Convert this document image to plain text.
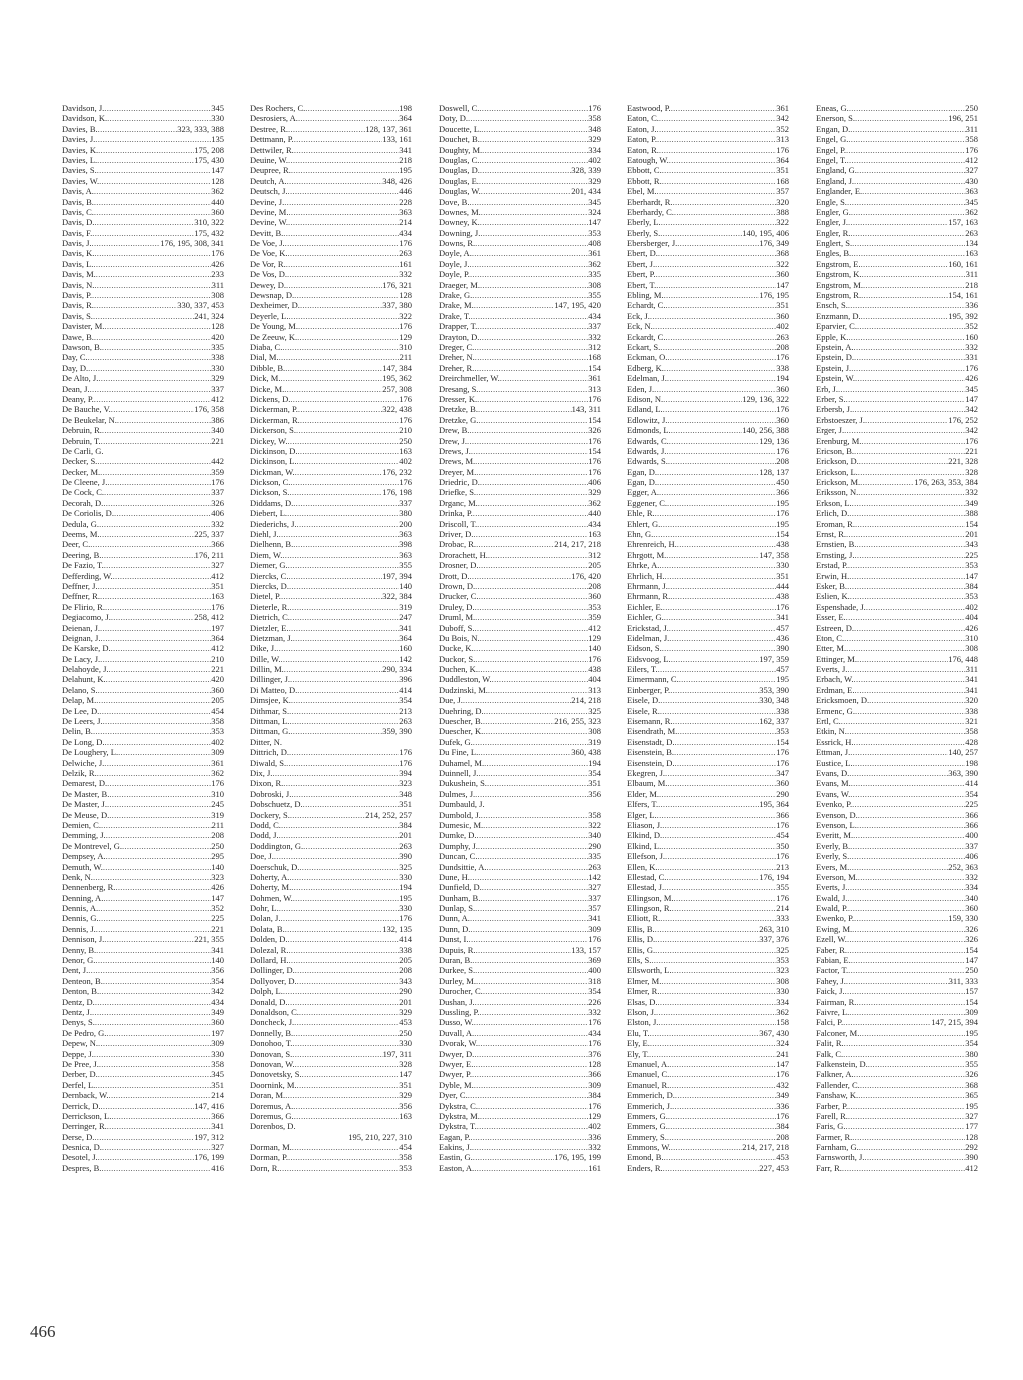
Davidson, J. .....	345
Davidson, K. .....	330
Davies, B. .....	323, 333, 388
Davies, J. .....	135
Davies, K. .....	175, 208
Davies, L. .....	175, 430
Davies, S. .....	147
Davies, W. .....	128
Davis, A. .....	362
Davis, B. .....	440
Davis, C. .....	360
Davis, D. .....	310, 322
Davis, F. .....	175, 432
Davis, J. .....	176, 195, 308, 341
Davis, K. .....	176
Davis, L. .....	426
Davis, M. .....	233
Davis, N. .....	311
Davis, P. .....	308
Davis, R. .....	330, 337, 453
Davis, S. .....	241, 324
Davister, M. .....	128
Dawe, B. .....	420
Dawson, B. .....	335
Day, C. .....	338
Day, D. .....	330
De Alto, J. .....	329
Dean, J. .....	337
Deany, P. .....	412
De Bauche, V. .....	176, 358
De Beukelar, N. .....	386
Debruin, R. .....	340
Debruin, T. .....	221
De Carli, G.
Decker, S. .....	442
Decker, M. .....	359
De Cleene, J. .....	176
De Cock, C. .....	337
Decorah, D. .....	326
De Coriolis, D. .....	406
Dedula, G. .....	332
Deems, M. .....	225, 337
Deer, C. .....	366
Deering, B. .....	176, 211
De Fazio, T. .....	327
Defferding, W. .....	412
Deffner, J. .....	351
Deffner, R. .....	163
De Flirio, R. .....	176
Degiacomo, J. .....	258, 412
Deienan, J. .....	197
Deignan, J. .....	364
De Karske, D. .....	412
De Lacy, J. .....	210
Delahoyde, J. .....	221
Delahunt, K. .....	420
Delano, S. .....	360
Delap, M. .....	205
De Lee, D. .....	454
De Leers, J. .....	358
Delin, B. .....	353
De Long, D. .....	402
De Loughery, L. .....	309
Delwiche, J. .....	361
Delzik, R. .....	362
Demarest, D. .....	176
De Master, B. .....	310
De Master, J. .....	245
De Meuse, D. .....	319
Demien, C. .....	211
Demming, J. .....	208
De Montrevel, G. .....	250
Dempsey, A. .....	295
Demuth, W. .....	140
Denk, N. .....	323
Dennenberg, R. .....	426
Denning, A. .....	147
Dennis, A. .....	352
Dennis, G. .....	225
Dennis, J. .....	221
Dennison, J. .....	221, 355
Denny, B. .....	341
Denor, G. .....	140
Dent, J. .....	356
Denteon, B. .....	354
Denton, B. .....	342
Dentz, D. .....	434
Dentz, J. .....	349
Denys, S. .....	360
De Pedro, G. .....	197
Depew, N. .....	309
Deppe, J. .....	330
De Pree, J. .....	358
Derber, D. .....	345
Derfel, L. .....	351
Dernback, W. .....	214
Derrick, D. .....	147, 416
Derrickson, L. .....	366
Derringer, R. .....	341
Derse, D. .....	197, 312
Desnica, D. .....	327
Desotel, J. .....	176, 199
Despres, B. .....	416
Des Rochers, C. .....	198
Desrosiers, A. .....	364
Destree, R. .....	128, 137, 361
Dettmann, P. .....	133, 161
Dettwiler, R. .....	341
Deuine, W. .....	218
Deupree, R. .....	195
Deutch, A. .....	348, 426
Deutsch, J. .....	446
Devine, J. .....	228
Devine, M. .....	363
Devine, W. .....	214
Devitt, B. .....	434
De Voe, J. .....	176
De Voe, K. .....	263
De Vor, R. .....	161
De Vos, D. .....	332
Dewey, D. .....	176, 321
Dewsnap, D. .....	128
Dexheimer, D. .....	337, 380
Deyerle, L. .....	322
De Young, M. .....	176
De Zeeuw, K. .....	129
Diaba, C. .....	310
Dial, M. .....	211
Dibble, B. .....	147, 384
Dick, M. .....	195, 362
Dicke, M. .....	257, 308
Dickens, D. .....	176
Dickerman, P. .....	322, 438
Dickerman, R. .....	176
Dickerson, S. .....	210
Dickey, W. .....	250
Dickinson, D. .....	163
Dickinson, L. .....	402
Dickman, W. .....	176, 232
Dickson, C. .....	176
Dickson, S. .....	176, 198
Diddams, D. .....	337
Diebert, L. .....	380
Diederichs, J. .....	200
Diehl, J. .....	363
Dielhenn, B. .....	398
Diem, W. .....	363
Diemer, G. .....	355
Diercks, C. .....	197, 394
Diercks, D. .....	140
Dietel, P. .....	322, 384
Dieterle, R. .....	319
Dietrich, C. .....	247
Dietzler, E. .....	341
Dietzman, J. .....	364
Dike, J. .....	160
Dille, W. .....	142
Dillin, M. .....	290, 334
Dillinger, J. .....	396
Di Matteo, D. .....	414
Dimsjee, K. .....	354
Dithmar, S. .....	213
Dittman, L. .....	263
Dittman, G. .....	359, 390
Ditter, N.
Dittrich, D. .....	176
Diwald, S. .....	176
Dix, J. .....	394
Dixon, R. .....	323
Dobroski, J. .....	348
Dobschuetz, D. .....	351
Dockery, S. .....	214, 252, 257
Dodd, C. .....	384
Dodd, J. .....	201
Doddington, G. .....	263
Doe, J. .....	390
Doerschuk, D. .....	325
Doherty, A. .....	330
Doherty, M. .....	194
Dohmen, W. .....	195
Dohr, L. .....	330
Dolan, J. .....	176
Dolata, B. .....	132, 135
Dolden, D. .....	414
Dolezal, R. .....	338
Dollard, H. .....	205
Dollinger, D. .....	208
Dollyover, D. .....	343
Dolph, L. .....	290
Donald, D. .....	201
Donaldson, C. .....	329
Doncheck, J. .....	453
Donnelly, B. .....	250
Donohoo, T. .....	330
Donovan, S. .....	197, 311
Donovan, W. .....	328
Donovetsky, S. .....	147
Doornink, M. .....	351
Doran, M. .....	329
Doremus, A. .....	356
Doremus, G. .....	163
Dorenbos, D.
195, 210, 227, 310
Dorman, M. .....	454
Dorman, P. .....	358
Dorn, R. .....	353
Doswell, C. .....	176
Doty, D. .....	358
Doucette, L. .....	348
Douchet, B. .....	329
Doughty, M. .....	334
Douglas, C. .....	402
Douglas, D. .....	328, 339
Douglas, E. .....	329
Douglas, W. .....	201, 434
Dove, B. .....	345
Downes, M. .....	324
Downey, K. .....	147
Downing, J. .....	353
Downs, R. .....	408
Doyle, A. .....	361
Doyle, J. .....	362
Doyle, P. .....	335
Draeger, M. .....	308
Drake, G. .....	355
Drake, M. .....	147, 195, 420
Drake, T. .....	434
Drapper, T. .....	337
Drayton, D. .....	332
Dreger, C. .....	312
Dreher, N. .....	168
Dreher, R. .....	154
Dreirchmeller, W. .....	361
Dresang, S. .....	313
Dresser, K. .....	176
Dretzke, B. .....	143, 311
Dretzke, G. .....	154
Drew, B. .....	326
Drew, J. .....	176
Drews, J. .....	154
Drews, M. .....	176
Dreyer, M. .....	176
Driedric, D. .....	406
Driefke, S. .....	329
Drganc, M. .....	362
Drinka, P. .....	440
Driscoll, T. .....	434
Driver, D. .....	163
Drobac, R. .....	214, 217, 218
Drorachett, H. .....	312
Drosner, D. .....	205
Drott, D. .....	176, 420
Drown, D. .....	208
Drucker, C. .....	360
Druley, D. .....	353
Druml, M. .....	359
Duboff, S. .....	412
Du Bois, N. .....	129
Ducke, K. .....	140
Duckor, S. .....	176
Duchen, K. .....	438
Duddleston, W. .....	404
Dudzinski, M. .....	313
Due, J. .....	214, 218
Duehring, D. .....	325
Duescher, B. .....	216, 255, 323
Duescher, K. .....	308
Dufek, G. .....	319
Du Fine, L. .....	360, 438
Duhamel, M. .....	194
Duinnell, J. .....	354
Dukushein, S. .....	351
Dulmes, J. .....	356
Dumbauld, J.
Dumbold, J. .....	358
Dumesic, M. .....	322
Dumke, D. .....	340
Dumphy, J. .....	290
Duncan, C. .....	335
Dundsittie, A. .....	263
Dune, H. .....	142
Dunfield, D. .....	327
Dunham, B. .....	337
Dunlap, S. .....	357
Dunn, A. .....	341
Dunn, D. .....	309
Dunst, I. .....	176
Dupuis, R. .....	133, 157
Duran, B. .....	369
Durkee, S. .....	400
Durley, M. .....	318
Durocher, C. .....	354
Dushan, J. .....	226
Dussling, P. .....	332
Dusso, W. .....	176
Duvall, A. .....	434
Dvorak, W. .....	176
Dwyer, D. .....	376
Dwyer, E. .....	128
Dwyer, P. .....	366
Dyble, M. .....	309
Dyer, C. .....	384
Dykstra, C. .....	176
Dykstra, M. .....	129
Dykstra, T. .....	402
Eagan, P. .....	336
Eakins, J. .....	332
Eastin, G. .....	176, 195, 199
Easton, A. .....	161
Eastwood, P. .....	361
Eaton, C. .....	342
Eaton, J. .....	352
Eaton, P. .....	313
Eaton, R. .....	176
Eatough, W. .....	364
Ebbott, C. .....	351
Ebbott, R. .....	168
Ebel, M. .....	357
Eberhardt, R. .....	320
Eberhardy, C. .....	388
Eberly, L. .....	322
Eberly, S. .....	140, 195, 406
Ebersberger, J. .....	176, 349
Ebert, D. .....	368
Ebert, J. .....	322
Ebert, P. .....	360
Ebert, T. .....	147
Ebling, M. .....	176, 195
Echardt, C. .....	351
Eck, J. .....	360
Eck, N. .....	402
Eckardt, C. .....	263
Eckart, S. .....	208
Eckman, O. .....	176
Edberg, K. .....	338
Edelman, J. .....	194
Eden, J. .....	360
Edison, N. .....	129, 136, 322
Edland, L. .....	176
Edlowitz, J. .....	360
Edmonds, L. .....	140, 256, 388
Edwards, C. .....	129, 136
Edwards, J. .....	176
Edwards, S. .....	208
Egan, D. .....	128, 137
Egan, D. .....	450
Egger, A. .....	366
Eggener, C. .....	195
Ehle, R. .....	176
Ehlert, G. .....	195
Ehn, G. .....	154
Ehrenreich, H. .....	438
Ehrgott, M. .....	147, 358
Ehrke, A. .....	330
Ehrlich, H. .....	351
Ehrmann, J. .....	444
Ehrmann, R. .....	438
Eichler, E. .....	176
Eichler, G. .....	341
Erickstad, J. .....	457
Eidelman, J. .....	436
Eidson, S. .....	390
Eidsvoog, L. .....	197, 359
Eilers, T. .....	457
Eimermann, C. .....	195
Einberger, P. .....	353, 390
Eisele, D. .....	330, 348
Eisele, R. .....	338
Eisemann, R. .....	162, 337
Eisendrath, M. .....	353
Eisenstadt, D. .....	154
Eisenstein, B. .....	176
Eisenstein, D. .....	176
Ekegren, J. .....	347
Elbaum, M. .....	360
Elder, M. .....	290
Elfers, T. .....	195, 364
Elger, L. .....	366
Eliason, J. .....	176
Elkind, D. .....	454
Elkind, L. .....	350
Ellefson, J. .....	176
Ellen, K. .....	213
Ellestad, C. .....	176, 194
Ellestad, J. .....	355
Ellingson, M. .....	176
Ellingson, R. .....	214
Elliott, R. .....	333
Ellis, B. .....	263, 310
Ellis, D. .....	337, 376
Ellis, G. .....	325
Ells, S. .....	353
Ellsworth, L. .....	323
Elmer, M. .....	308
Elmer, R. .....	330
Elsas, D. .....	334
Elson, J. .....	362
Elston, J. .....	158
Elu, T. .....	367, 430
Ely, E. .....	324
Ely, T. .....	241
Emanuel, A. .....	147
Emanuel, C. .....	176
Emanuel, R. .....	432
Emmerich, D. .....	349
Emmerich, J. .....	336
Emmers, G. .....	176
Emmers, G. .....	384
Emmery, S. .....	208
Emmons, W. .....	214, 217, 218
Emond, B. .....	453
Enders, R. .....	227, 453
Eneas, G. .....	250
Enerson, S. .....	196, 251
Engan, D. .....	311
Engel, G. .....	358
Engel, P. .....	176
Engel, T. .....	412
England, G. .....	327
England, J. .....	430
Englander, E. .....	363
Engle, S. .....	345
Engler, G. .....	362
Engler, J. .....	157, 163
Engler, R. .....	263
Englert, S. .....	134
Engles, B. .....	163
Engstrom, E. .....	160, 161
Engstrom, K. .....	311
Engstrom, M. .....	218
Engstrom, R. .....	154, 161
Ensch, S. .....	336
Enzmann, D. .....	195, 392
Eparvier, C. .....	352
Epple, K. .....	160
Epstein, A. .....	332
Epstein, D. .....	331
Epstein, J. .....	176
Epstein, W. .....	426
Erb, J. .....	345
Erber, S. .....	147
Erbersb, J. .....	342
Erbstoeszer, J. .....	176, 252
Erger, J. .....	342
Erenburg, M. .....	176
Ericson, B. .....	221
Erickson, D. .....	221, 328
Erickson, L. .....	328
Erickson, M. .....	176, 263, 353, 384
Eriksson, N. .....	332
Erkson, L. .....	349
Erlich, D. .....	388
Eroman, R. .....	154
Ernst, R. .....	201
Ernstien, B. .....	343
Ernsting, J. .....	225
Erstad, P. .....	353
Erwin, H. .....	147
Esker, B. .....	384
Eslien, K. .....	353
Espenshade, J. .....	402
Esser, E. .....	404
Estreen, D. .....	426
Eton, C. .....	310
Etter, M. .....	308
Ettinger, M. .....	176, 448
Everts, J. .....	311
Erbach, W. .....	341
Erdman, E. .....	341
Ericksmoen, D. .....	320
Ermenc, G. .....	338
Ertl, C. .....	321
Etkin, N. .....	358
Essrick, H. .....	428
Ettman, J. .....	140, 257
Eustice, L. .....	198
Evans, D. .....	363, 390
Evans, M. .....	414
Evans, W. .....	354
Evenko, P. .....	225
Evenson, D. .....	366
Evenson, L. .....	366
Everitt, M. .....	400
Everly, B. .....	337
Everly, S. .....	406
Evers, M. .....	252, 363
Everson, M. .....	332
Everts, J. .....	334
Ewald, J. .....	340
Ewald, P. .....	360
Ewenko, P. .....	159, 330
Ewing, M. .....	326
Ezell, W. .....	326
Faber, R. .....	154
Fabian, E. .....	147
Factor, T. .....	250
Fahey, J. .....	311, 333
Faick, J. .....	157
Fairman, R. .....	154
Faivre, L. .....	309
Falci, P. .....	147, 215, 394
Falconer, M. .....	195
Falit, R. .....	354
Falk, C. .....	380
Falkenstein, D. .....	355
Falkner, A. .....	326
Fallender, C. .....	368
Fanshaw, K. .....	365
Farber, P. .....	195
Farell, R. .....	327
Faris, G. .....	177
Farmer, R. .....	128
Farnham, G. .....	292
Farnsworth, J. .....	390
Farr, R. .....	412
466
